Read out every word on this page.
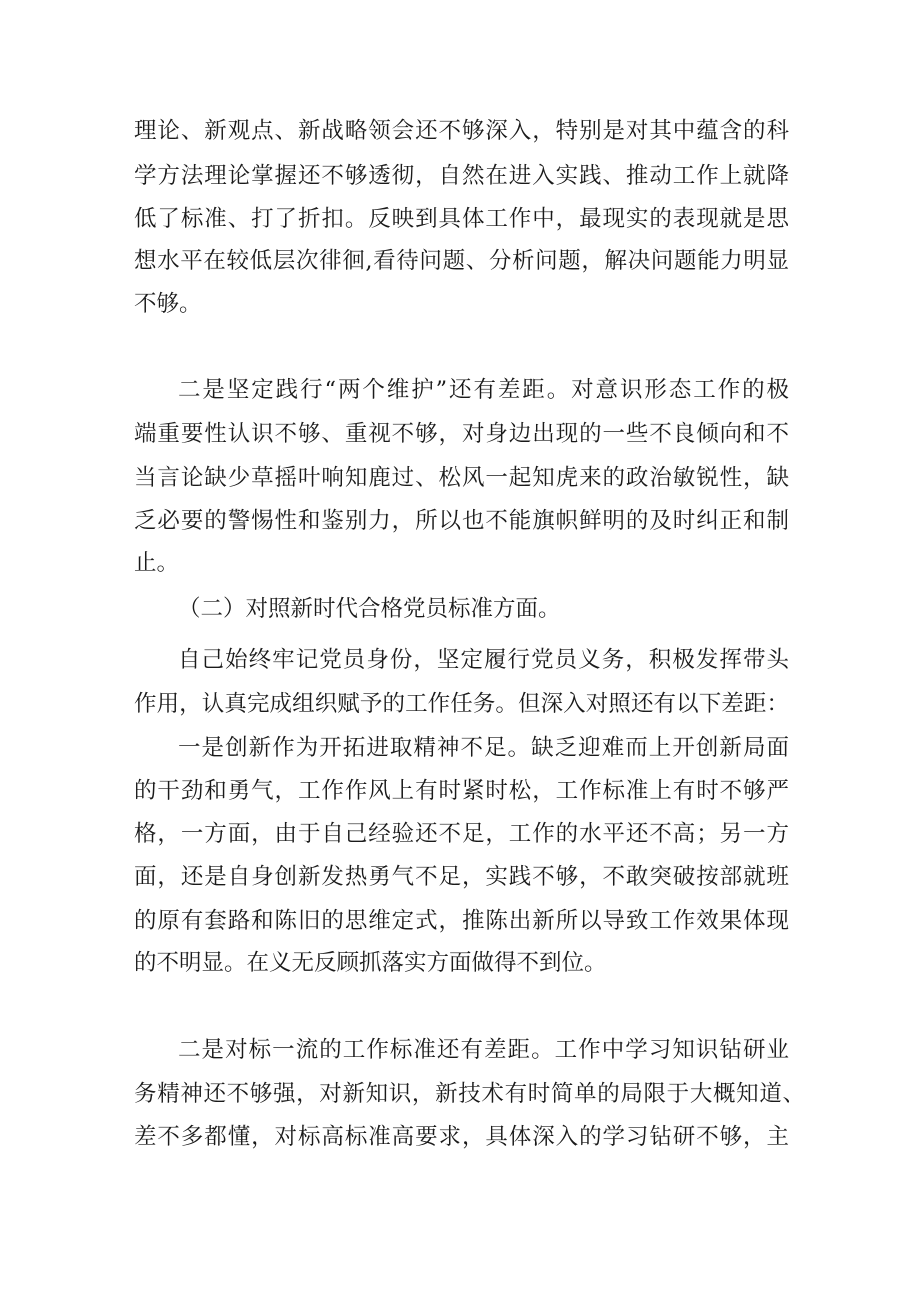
理论、新观点、新战略领会还不够深入，特别是对其中蕴含的科
学方法理论掌握还不够透彻，自然在进入实践、推动工作上就降
低了标准、打了折扣。反映到具体工作中，最现实的表现就是思
想水平在较低层次徘徊,看待问题、分析问题，解决问题能力明显
不够。
二是坚定践行“两个维护”还有差距。对意识形态工作的极
端重要性认识不够、重视不够，对身边出现的一些不良倾向和不
当言论缺少草摇叶响知鹿过、松风一起知虎来的政治敏锐性，缺
乏必要的警惕性和鉴别力，所以也不能旗帜鲜明的及时纠正和制
止。
（二）对照新时代合格党员标准方面。
自己始终牢记党员身份，坚定履行党员义务，积极发挥带头
作用，认真完成组织赋予的工作任务。但深入对照还有以下差距：
一是创新作为开拓进取精神不足。缺乏迎难而上开创新局面
的干劲和勇气，工作作风上有时紧时松，工作标准上有时不够严
格，一方面，由于自己经验还不足，工作的水平还不高；另一方
面，还是自身创新发热勇气不足，实践不够，不敢突破按部就班
的原有套路和陈旧的思维定式，推陈出新所以导致工作效果体现
的不明显。在义无反顾抓落实方面做得不到位。
二是对标一流的工作标准还有差距。工作中学习知识钻研业
务精神还不够强，对新知识，新技术有时简单的局限于大概知道、
差不多都懂，对标高标准高要求，具体深入的学习钻研不够，主
